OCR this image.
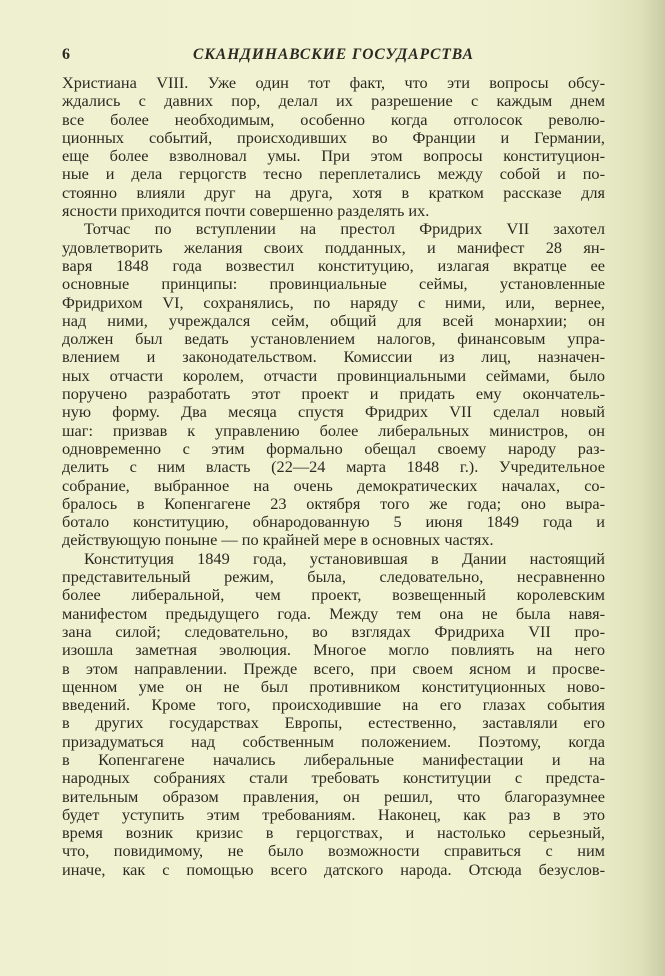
6	СКАНДИНАВСКИЕ ГОСУДАРСТВА
Христиана VIII. Уже один тот факт, что эти вопросы обсу-
ждались с давних пор, делал их разрешение с каждым днем
все более необходимым, особенно когда отголосок револю-
ционных событий, происходивших во Франции и Германии,
еще более взволновал умы. При этом вопросы конституцион-
ные и дела герцогств тесно переплетались между собой и по-
стоянно влияли друг на друга, хотя в кратком рассказе для
ясности приходится почти совершенно разделять их.
Тотчас по вступлении на престол Фридрих VII захотел
удовлетворить желания своих подданных, и манифест 28 ян-
варя 1848 года возвестил конституцию, излагая вкратце ее
основные принципы: провинциальные сеймы, установленные
Фридрихом VI, сохранялись, по наряду с ними, или, вернее,
над ними, учреждался сейм, общий для всей монархии; он
должен был ведать установлением налогов, финансовым упра-
влением и законодательством. Комиссии из лиц, назначен-
ных отчасти королем, отчасти провинциальными сеймами, было
поручено разработать этот проект и придать ему окончатель-
ную форму. Два месяца спустя Фридрих VII сделал новый
шаг: призвав к управлению более либеральных министров, он
одновременно с этим формально обещал своему народу раз-
делить с ним власть (22—24 марта 1848 г.). Учредительное
собрание, выбранное на очень демократических началах, со-
бралось в Копенгагене 23 октября того же года; оно выра-
ботало конституцию, обнародованную 5 июня 1849 года и
действующую поныне — по крайней мере в основных частях.
Конституция 1849 года, установившая в Дании настоящий
представительный режим, была, следовательно, несравненно
более либеральной, чем проект, возвещенный королевским
манифестом предыдущего года. Между тем она не была навя-
зана силой; следовательно, во взглядах Фридриха VII про-
изошла заметная эволюция. Многое могло повлиять на него
в этом направлении. Прежде всего, при своем ясном и просве-
щенном уме он не был противником конституционных ново-
введений. Кроме того, происходившие на его глазах события
в других государствах Европы, естественно, заставляли его
призадуматься над собственным положением. Поэтому, когда
в Копенгагене начались либеральные манифестации и на
народных собраниях стали требовать конституции с предста-
вительным образом правления, он решил, что благоразумнее
будет уступить этим требованиям. Наконец, как раз в это
время возник кризис в герцогствах, и настолько серьезный,
что, повидимому, не было возможности справиться с ним
иначе, как с помощью всего датского народа. Отсюда безуслов-
